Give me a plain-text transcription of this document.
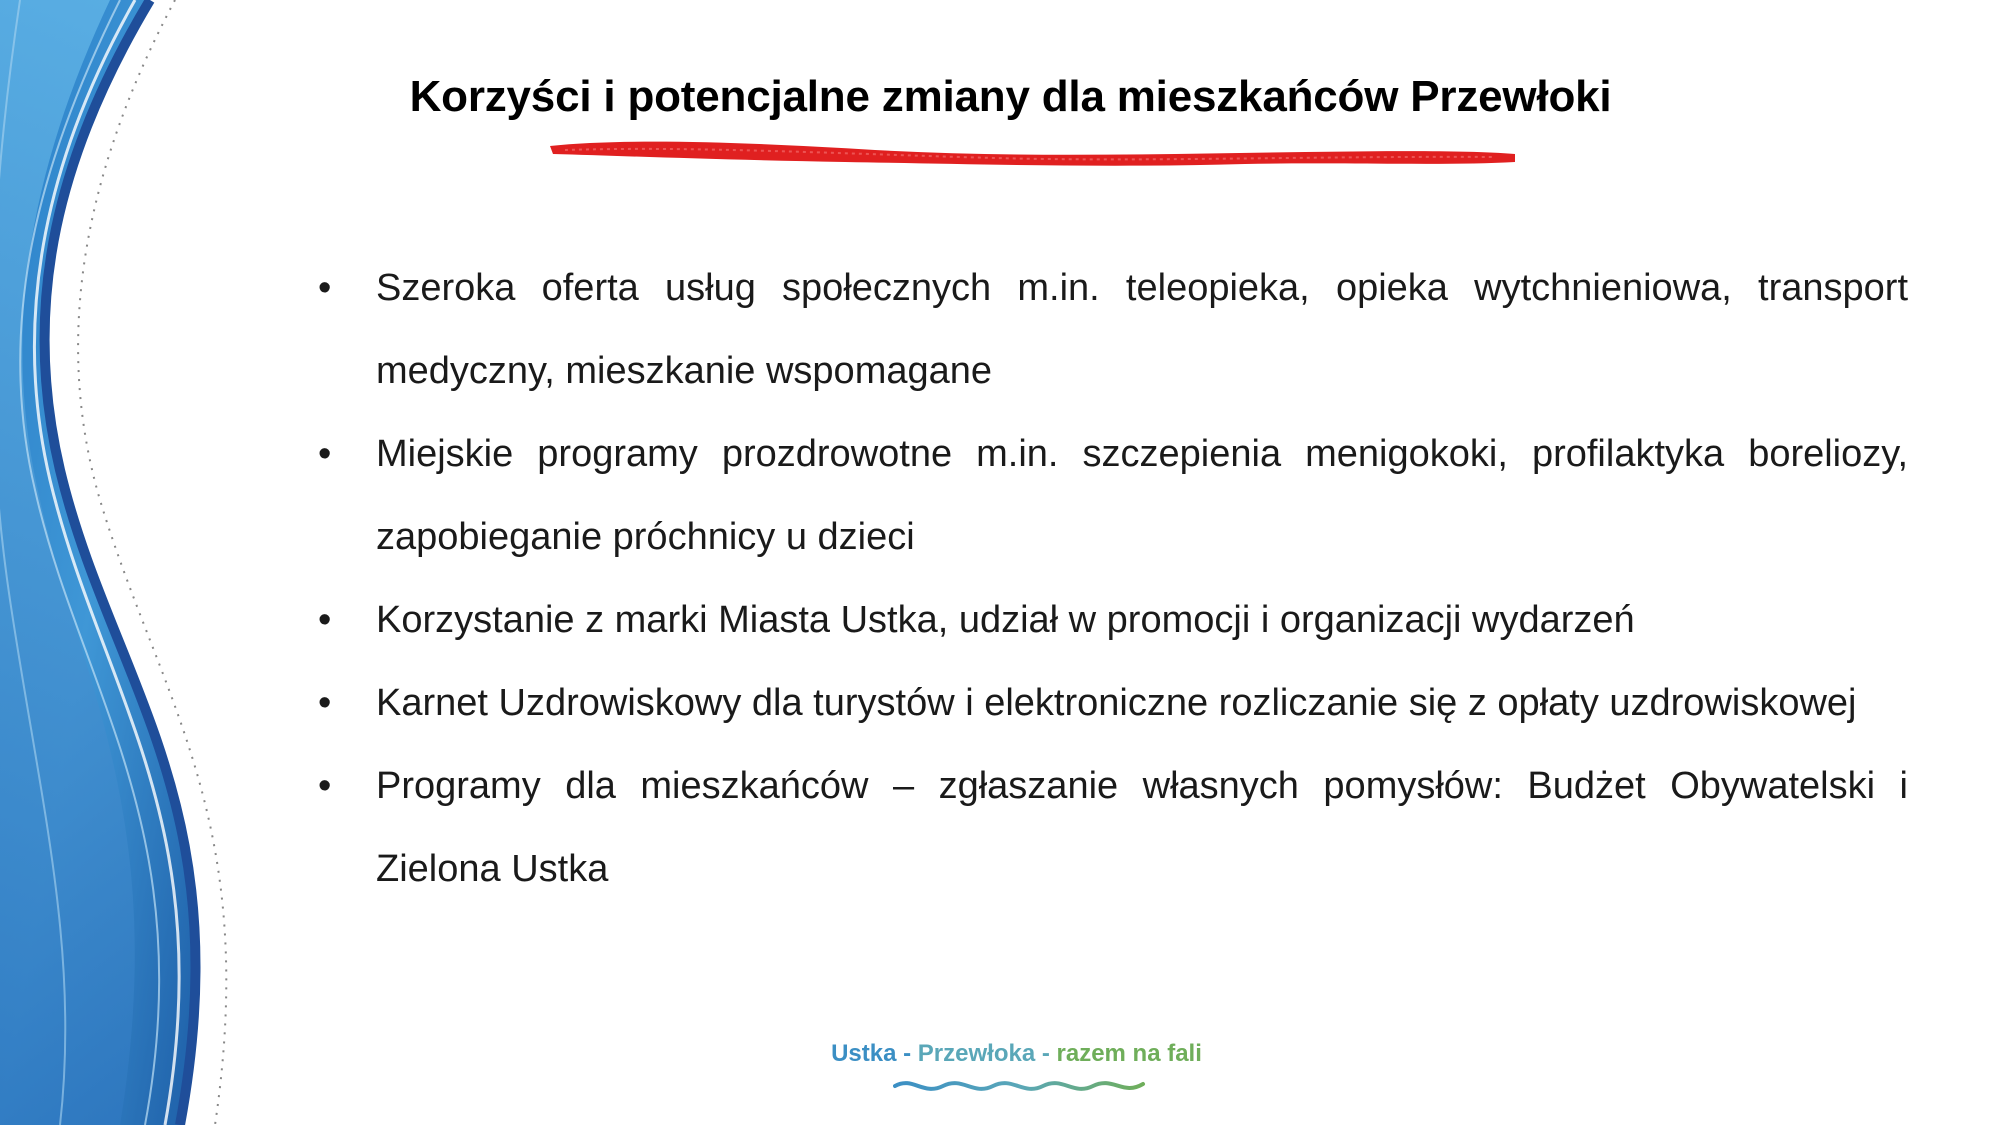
Korzyści i potencjalne zmiany dla mieszkańców Przewłoki
• Szeroka oferta usług społecznych m.in. teleopieka, opieka wytchnieniowa, transport medyczny, mieszkanie wspomagane
• Miejskie programy prozdrowotne m.in. szczepienia menigokoki, profilaktyka boreliozy, zapobieganie próchnicy u dzieci
• Korzystanie z marki Miasta Ustka, udział w promocji i organizacji wydarzeń
• Karnet Uzdrowiskowy dla turystów i elektroniczne rozliczanie się z opłaty uzdrowiskowej
• Programy dla mieszkańców – zgłaszanie własnych pomysłów: Budżet Obywatelski i Zielona Ustka
Ustka - Przewłoka - razem na fali
